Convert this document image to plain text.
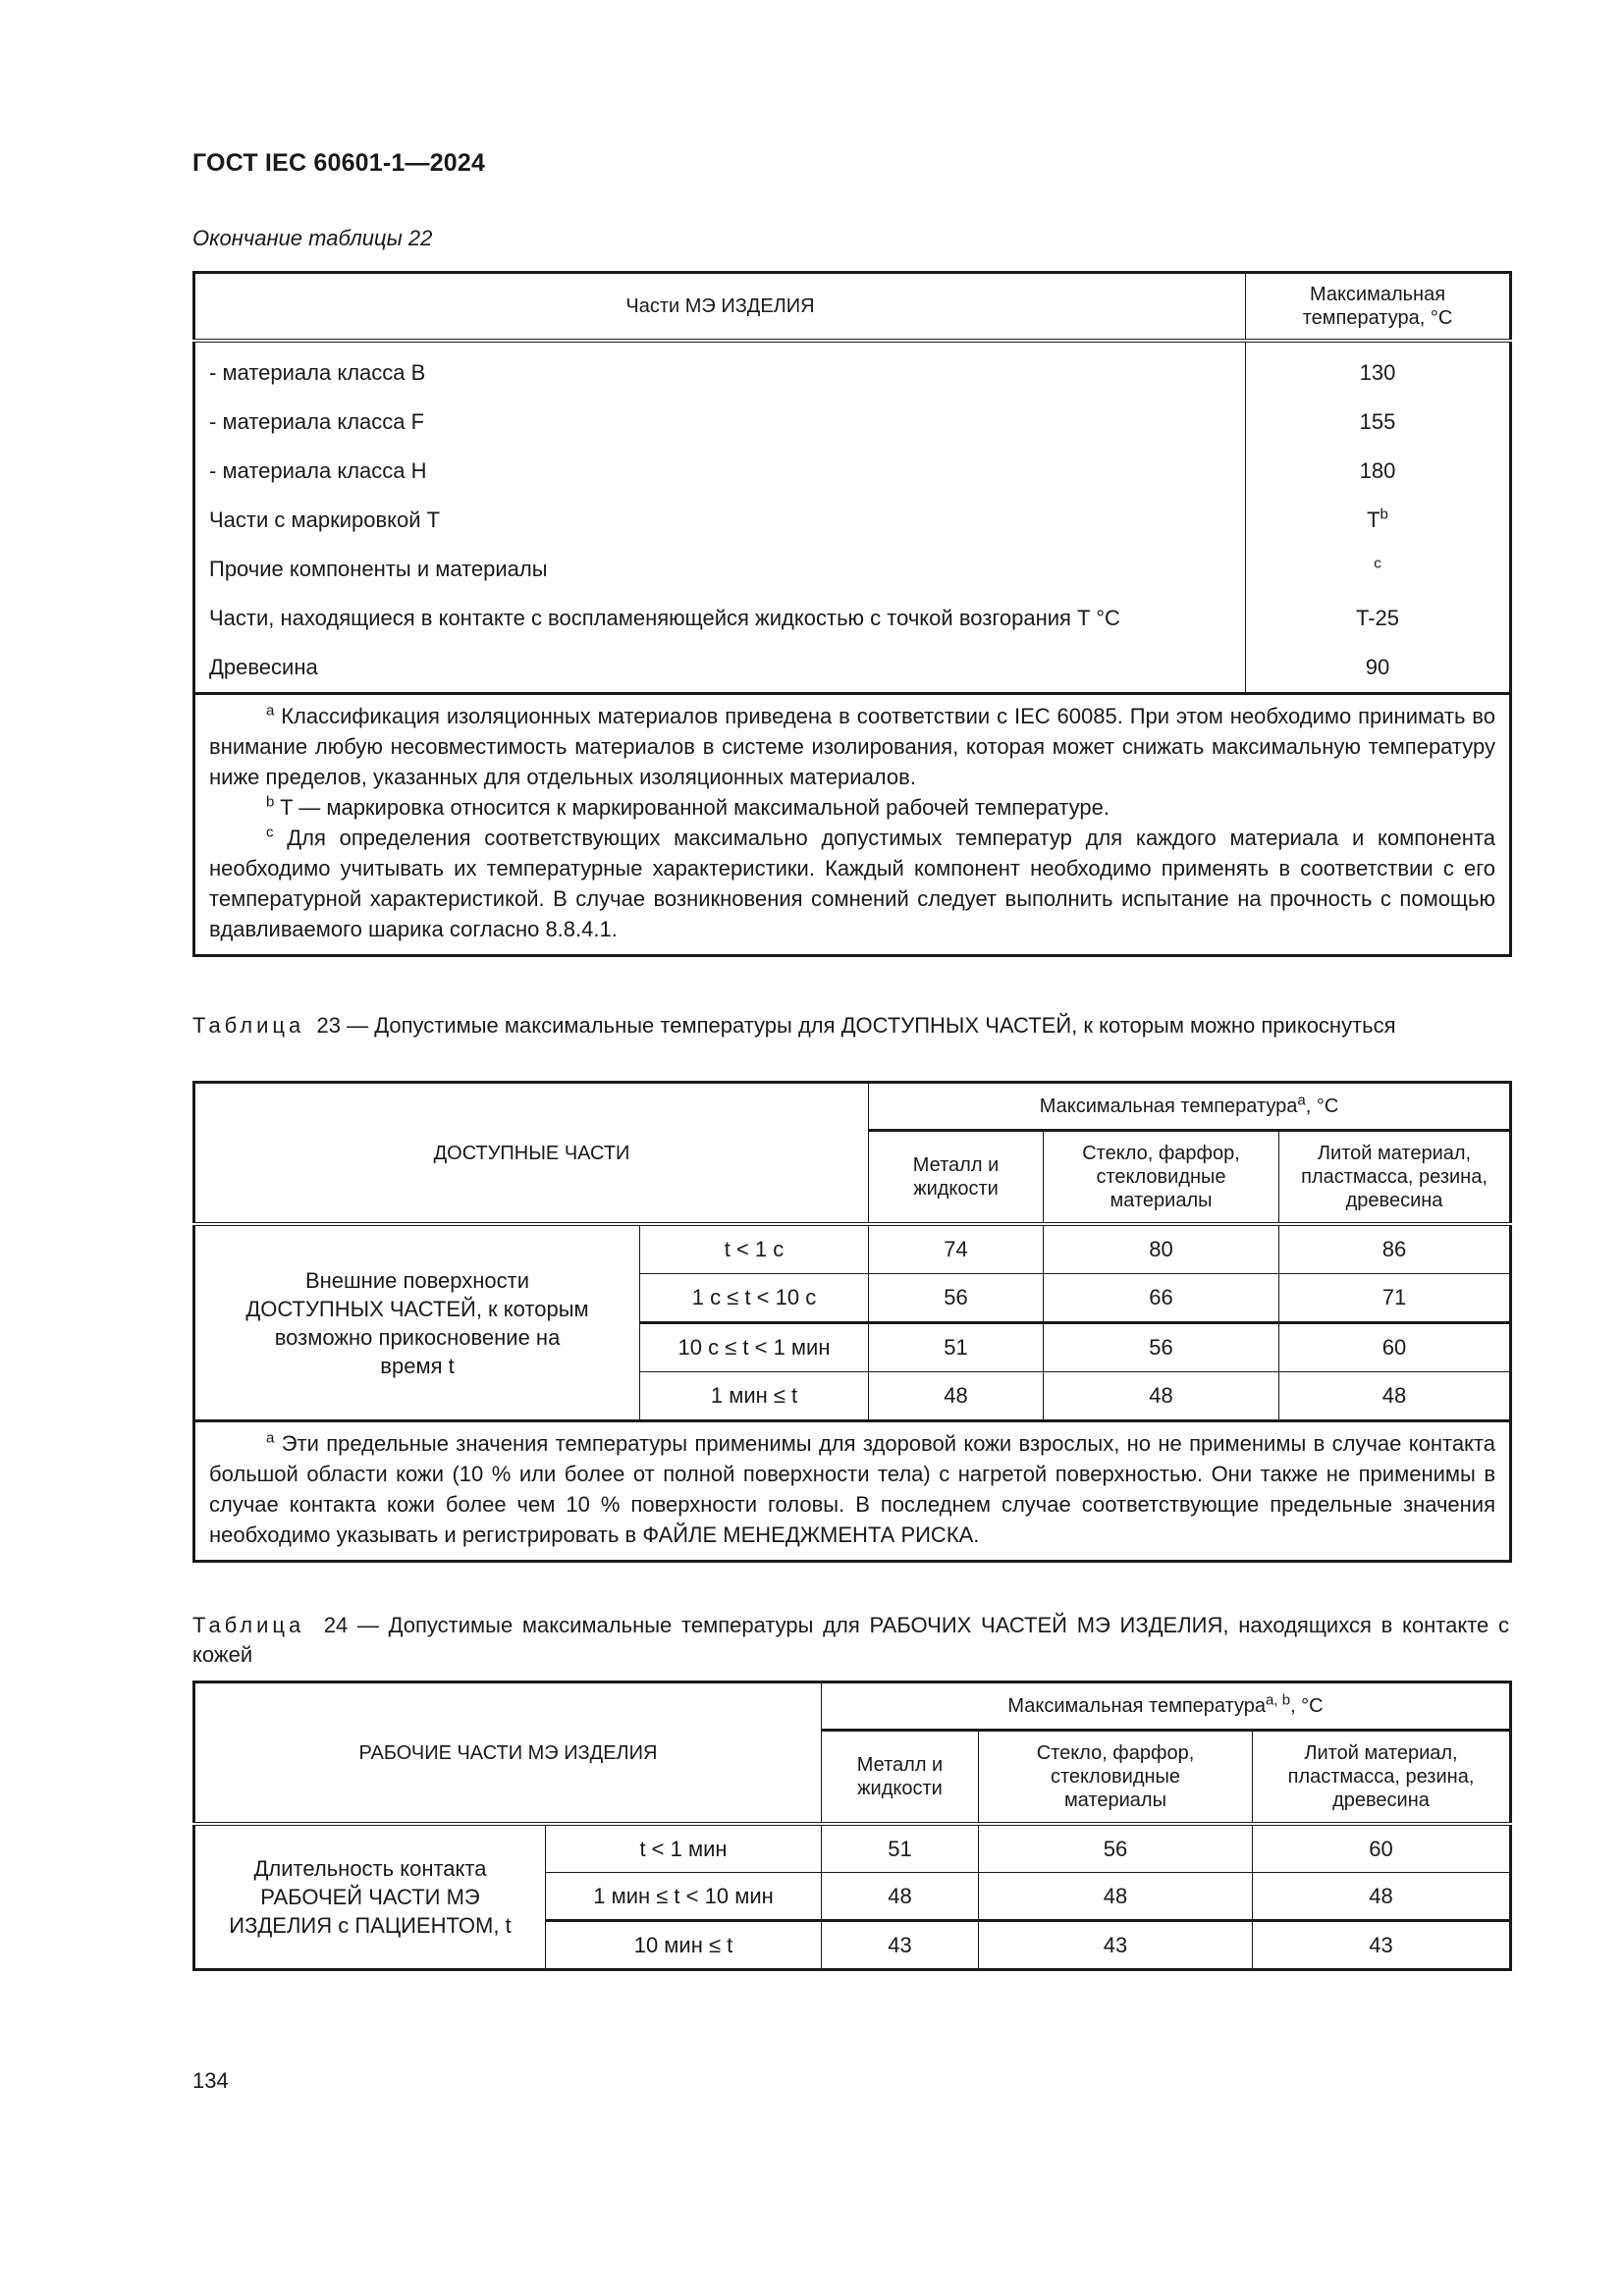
ГОСТ IEC 60601-1—2024
Окончание таблицы 22
Части МЭ ИЗДЕЛИЯ	Максимальная
температура, °C
- материала класса B	130
- материала класса F	155
- материала класса H	180
Части с маркировкой T	$T^b$
Прочие компоненты и материалы	$^c$
Части, находящиеся в контакте с воспламеняющейся жидкостью с точкой возгорания T °C	T-25
Древесина	90

$^a$ Классификация изоляционных материалов приведена в соответствии с IEC 60085. При этом необходимо принимать во внимание любую несовместимость материалов в системе изолирования, которая может снижать максимальную температуру ниже пределов, указанных для отдельных изоляционных материалов.

$^b$ T — маркировка относится к маркированной максимальной рабочей температуре.

$^c$ Для определения соответствующих максимально допустимых температур для каждого материала и компонента необходимо учитывать их температурные характеристики. Каждый компонент необходимо применять в соответствии с его температурной характеристикой. В случае возникновения сомнений следует выполнить испытание на прочность с помощью вдавливаемого шарика согласно 8.8.4.1.	

Таблица 23 — Допустимые максимальные температуры для ДОСТУПНЫХ ЧАСТЕЙ, к которым можно прикоснуться
ДОСТУПНЫЕ ЧАСТИ		Максимальная температура$^a$, °C		
		Металл и жидкости	Стекло, фарфор, стекловидные материалы	Литой материал, пластмасса, резина, древесина
Внешние поверхности ДОСТУПНЫХ ЧАСТЕЙ, к которым возможно прикосновение на время t	t < 1 с	74	80	86
	1 с ≤ t < 10 с	56	66	71
	10 с ≤ t < 1 мин	51	56	60
	1 мин ≤ t	48	48	48

$^a$ Эти предельные значения температуры применимы для здоровой кожи взрослых, но не применимы в случае контакта большой области кожи (10 % или более от полной поверхности тела) с нагретой поверхностью. Они также не применимы в случае контакта кожи более чем 10 % поверхности головы. В последнем случае соответствующие предельные значения необходимо указывать и регистрировать в ФАЙЛЕ МЕНЕДЖМЕНТА РИСКА.				

Таблица 24 — Допустимые максимальные температуры для РАБОЧИХ ЧАСТЕЙ МЭ ИЗДЕЛИЯ, находящихся в контакте с кожей
РАБОЧИЕ ЧАСТИ МЭ ИЗДЕЛИЯ		Максимальная температура$^{a, b}$, °C		
		Металл и жидкости	Стекло, фарфор, стекловидные материалы	Литой материал, пластмасса, резина, древесина
Длительность контакта РАБОЧЕЙ ЧАСТИ МЭ ИЗДЕЛИЯ с ПАЦИЕНТОМ, t	t < 1 мин	51	56	60
	1 мин ≤ t < 10 мин	48	48	48
	10 мин ≤ t	43	43	43
134
